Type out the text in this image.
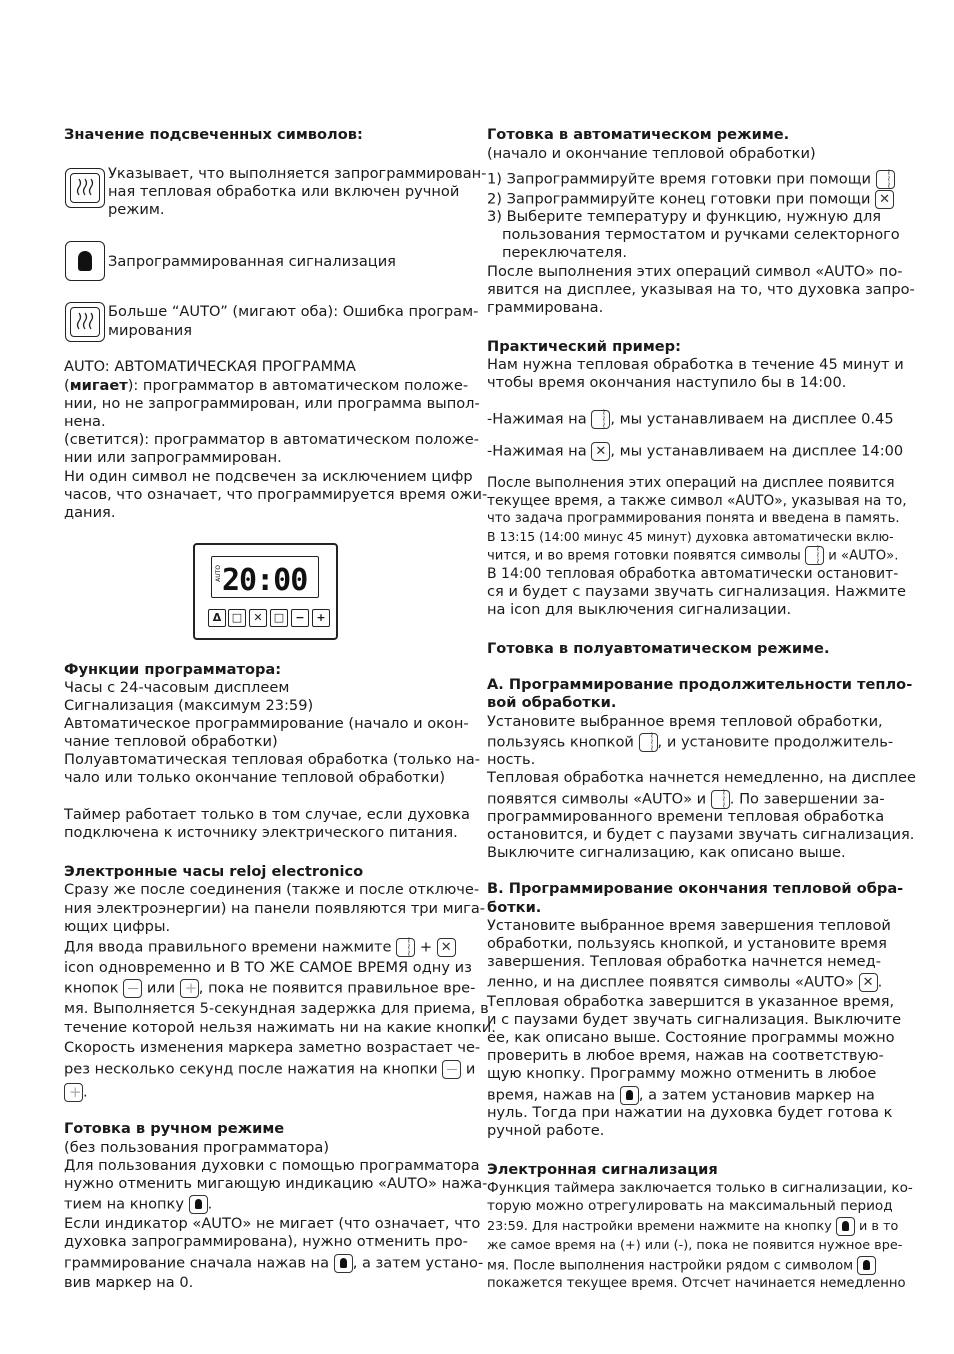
Значение подсвеченных символов:
Указывает, что выполняется запрограммирован-
ная тепловая обработка или включен ручной
режим.
Запрограммированная сигнализация
Больше “AUTO” (мигают оба): Ошибка програм-
мирования
AUTO: АВТОМАТИЧЕСКАЯ ПРОГРАММА
(мигает): программатор в автоматическом положе-
нии, но не запрограммирован, или программа выпол-
нена.
(светится): программатор в автоматическом положе-
нии или запрограммирован.
Ни один символ не подсвечен за исключением цифр
часов, что означает, что программируется время ожи-
дания.
AUTO 20:00
Δ □	✕	□	−	+
Функции программатора:
Часы с 24-часовым дисплеем
Сигнализация (максимум 23:59)
Автоматическое программирование (начало и окон-
чание тепловой обработки)
Полуавтоматическая тепловая обработка (только на-
чало или только окончание тепловой обработки)
Таймер работает только в том случае, если духовка
подключена к источнику электрического питания.
Электронные часы reloj electronico
Сразу же после соединения (также и после отключе-
ния электроэнергии) на панели появляются три мига-
ющих цифры.
Для ввода правильного времени нажмите ~~~ + ✕
icon одновременно и В ТО ЖЕ САМОЕ ВРЕМЯ одну из
кнопок или + , пока не появится правильное вре-
мя. Выполняется 5-секундная задержка для приема, в
течение которой нельзя нажимать ни на какие кнопки.
Скорость изменения маркера заметно возрастает че-
рез несколько секунд после нажатия на кнопки и
+.
Готовка в ручном режиме
(без пользования программатора)
Для пользования духовки с помощью программатора
нужно отменить мигающую индикацию «AUTO» нажа-
тием на кнопку .
Если индикатор «AUTO» не мигает (что означает, что
духовка запрограммирована), нужно отменить про-
граммирование сначала нажав на , а затем устано-
вив маркер на 0.
Готовка в автоматическом режиме.
(начало и окончание тепловой обработки)
1) Запрограммируйте время готовки при помощи ~~~
2) Запрограммируйте конец готовки при помощи ✕
3) Выберите температуру и функцию, нужную для
пользования термостатом и ручками селекторного
переключателя.
После выполнения этих операций символ «AUTO» по-
явится на дисплее, указывая на то, что духовка запро-
граммирована.
Практический пример:
Нам нужна тепловая обработка в течение 45 минут и
чтобы время окончания наступило бы в 14:00.
-Нажимая на ~~~ , мы устанавливаем на дисплее 0.45
-Нажимая на ✕ , мы устанавливаем на дисплее 14:00
После выполнения этих операций на дисплее появится
текущее время, а также символ «AUTO», указывая на то,
что задача программирования понята и введена в память.
В 13:15 (14:00 минус 45 минут) духовка автоматически вклю-
чится, и во время готовки появятся символы ~~~ и «AUTO».
В 14:00 тепловая обработка автоматически остановит-
ся и будет с паузами звучать сигнализация. Нажмите
на icon для выключения сигнализации.
Готовка в полуавтоматическом режиме.
А. Программирование продолжительности тепло-
вой обработки.
Установите выбранное время тепловой обработки,
пользуясь кнопкой ~~~ , и установите продолжитель-
ность.
Тепловая обработка начнется немедленно, на дисплее
появятся символы «AUTO» и ~~~ . По завершении за-
программированного времени тепловая обработка
остановится, и будет с паузами звучать сигнализация.
Выключите сигнализацию, как описано выше.
В. Программирование окончания тепловой обра-
ботки.
Установите выбранное время завершения тепловой
обработки, пользуясь кнопкой, и установите время
завершения. Тепловая обработка начнется немед-
ленно, и на дисплее появятся символы «AUTO» ✕ .
Тепловая обработка завершится в указанное время,
и с паузами будет звучать сигнализация. Выключите
ее, как описано выше. Состояние программы можно
проверить в любое время, нажав на соответствую-
щую кнопку. Программу можно отменить в любое
время, нажав на , а затем установив маркер на
нуль. Тогда при нажатии на духовка будет готова к
ручной работе.
Электронная сигнализация
Функция таймера заключается только в сигнализации, ко-
торую можно отрегулировать на максимальный период
23:59. Для настройки времени нажмите на кнопку и в то
же самое время на (+) или (-), пока не появится нужное вре-
мя. После выполнения настройки рядом с символом
покажется текущее время. Отсчет начинается немедленно
